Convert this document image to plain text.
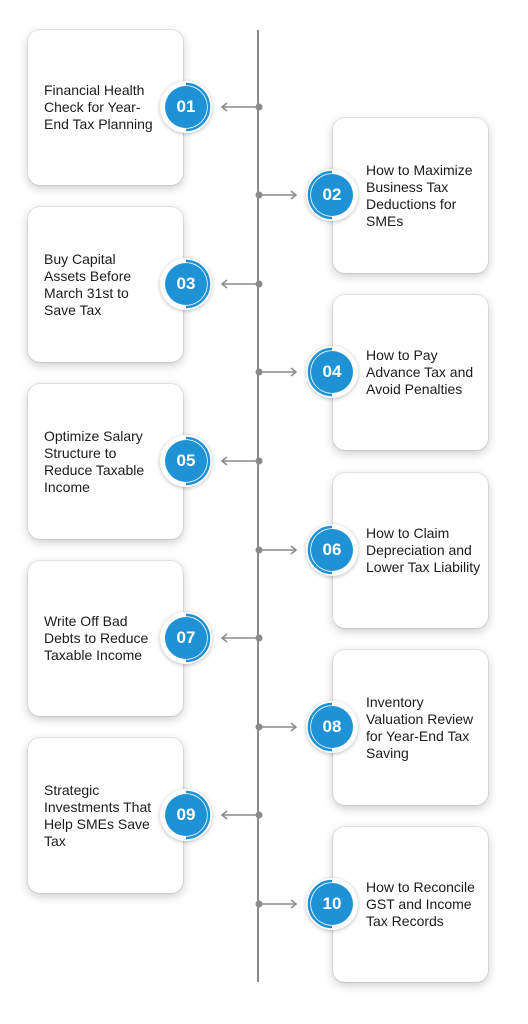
Financial Health Check for Year-End Tax Planning
01
How to Maximize Business Tax Deductions for SMEs
02
Buy Capital Assets Before March 31st to Save Tax
03
How to Pay Advance Tax and Avoid Penalties
04
Optimize Salary Structure to Reduce Taxable Income
05
How to Claim Depreciation and Lower Tax Liability
06
Write Off Bad Debts to Reduce Taxable Income
07
Inventory Valuation Review for Year-End Tax Saving
08
Strategic Investments That Help SMEs Save Tax
09
How to Reconcile GST and Income Tax Records
10
